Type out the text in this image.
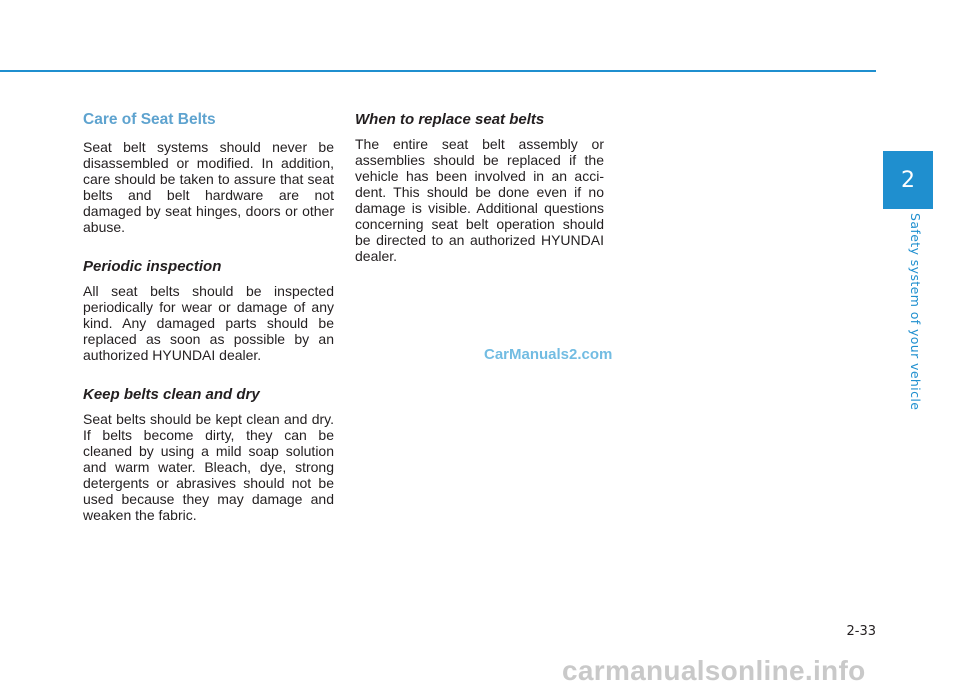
Care of Seat Belts

Seat belt systems should never be disassembled or modified. In addition, care should be taken to assure that seat belts and belt hardware are not damaged by seat hinges, doors or other abuse.

Periodic inspection

All seat belts should be inspected periodically for wear or damage of any kind. Any damaged parts should be replaced as soon as possible by an authorized HYUNDAI dealer.

Keep belts clean and dry

Seat belts should be kept clean and dry. If belts become dirty, they can be cleaned by using a mild soap solution and warm water. Bleach, dye, strong detergents or abrasives should not be used because they may damage and weaken the fabric.

When to replace seat belts

The entire seat belt assembly or assemblies should be replaced if the vehicle has been involved in an accident. This should be done even if no damage is visible. Additional questions concerning seat belt operation should be directed to an authorized HYUNDAI dealer.

CarManuals2.com
2
Safety system of your vehicle
2-33
carmanualsonline.info
